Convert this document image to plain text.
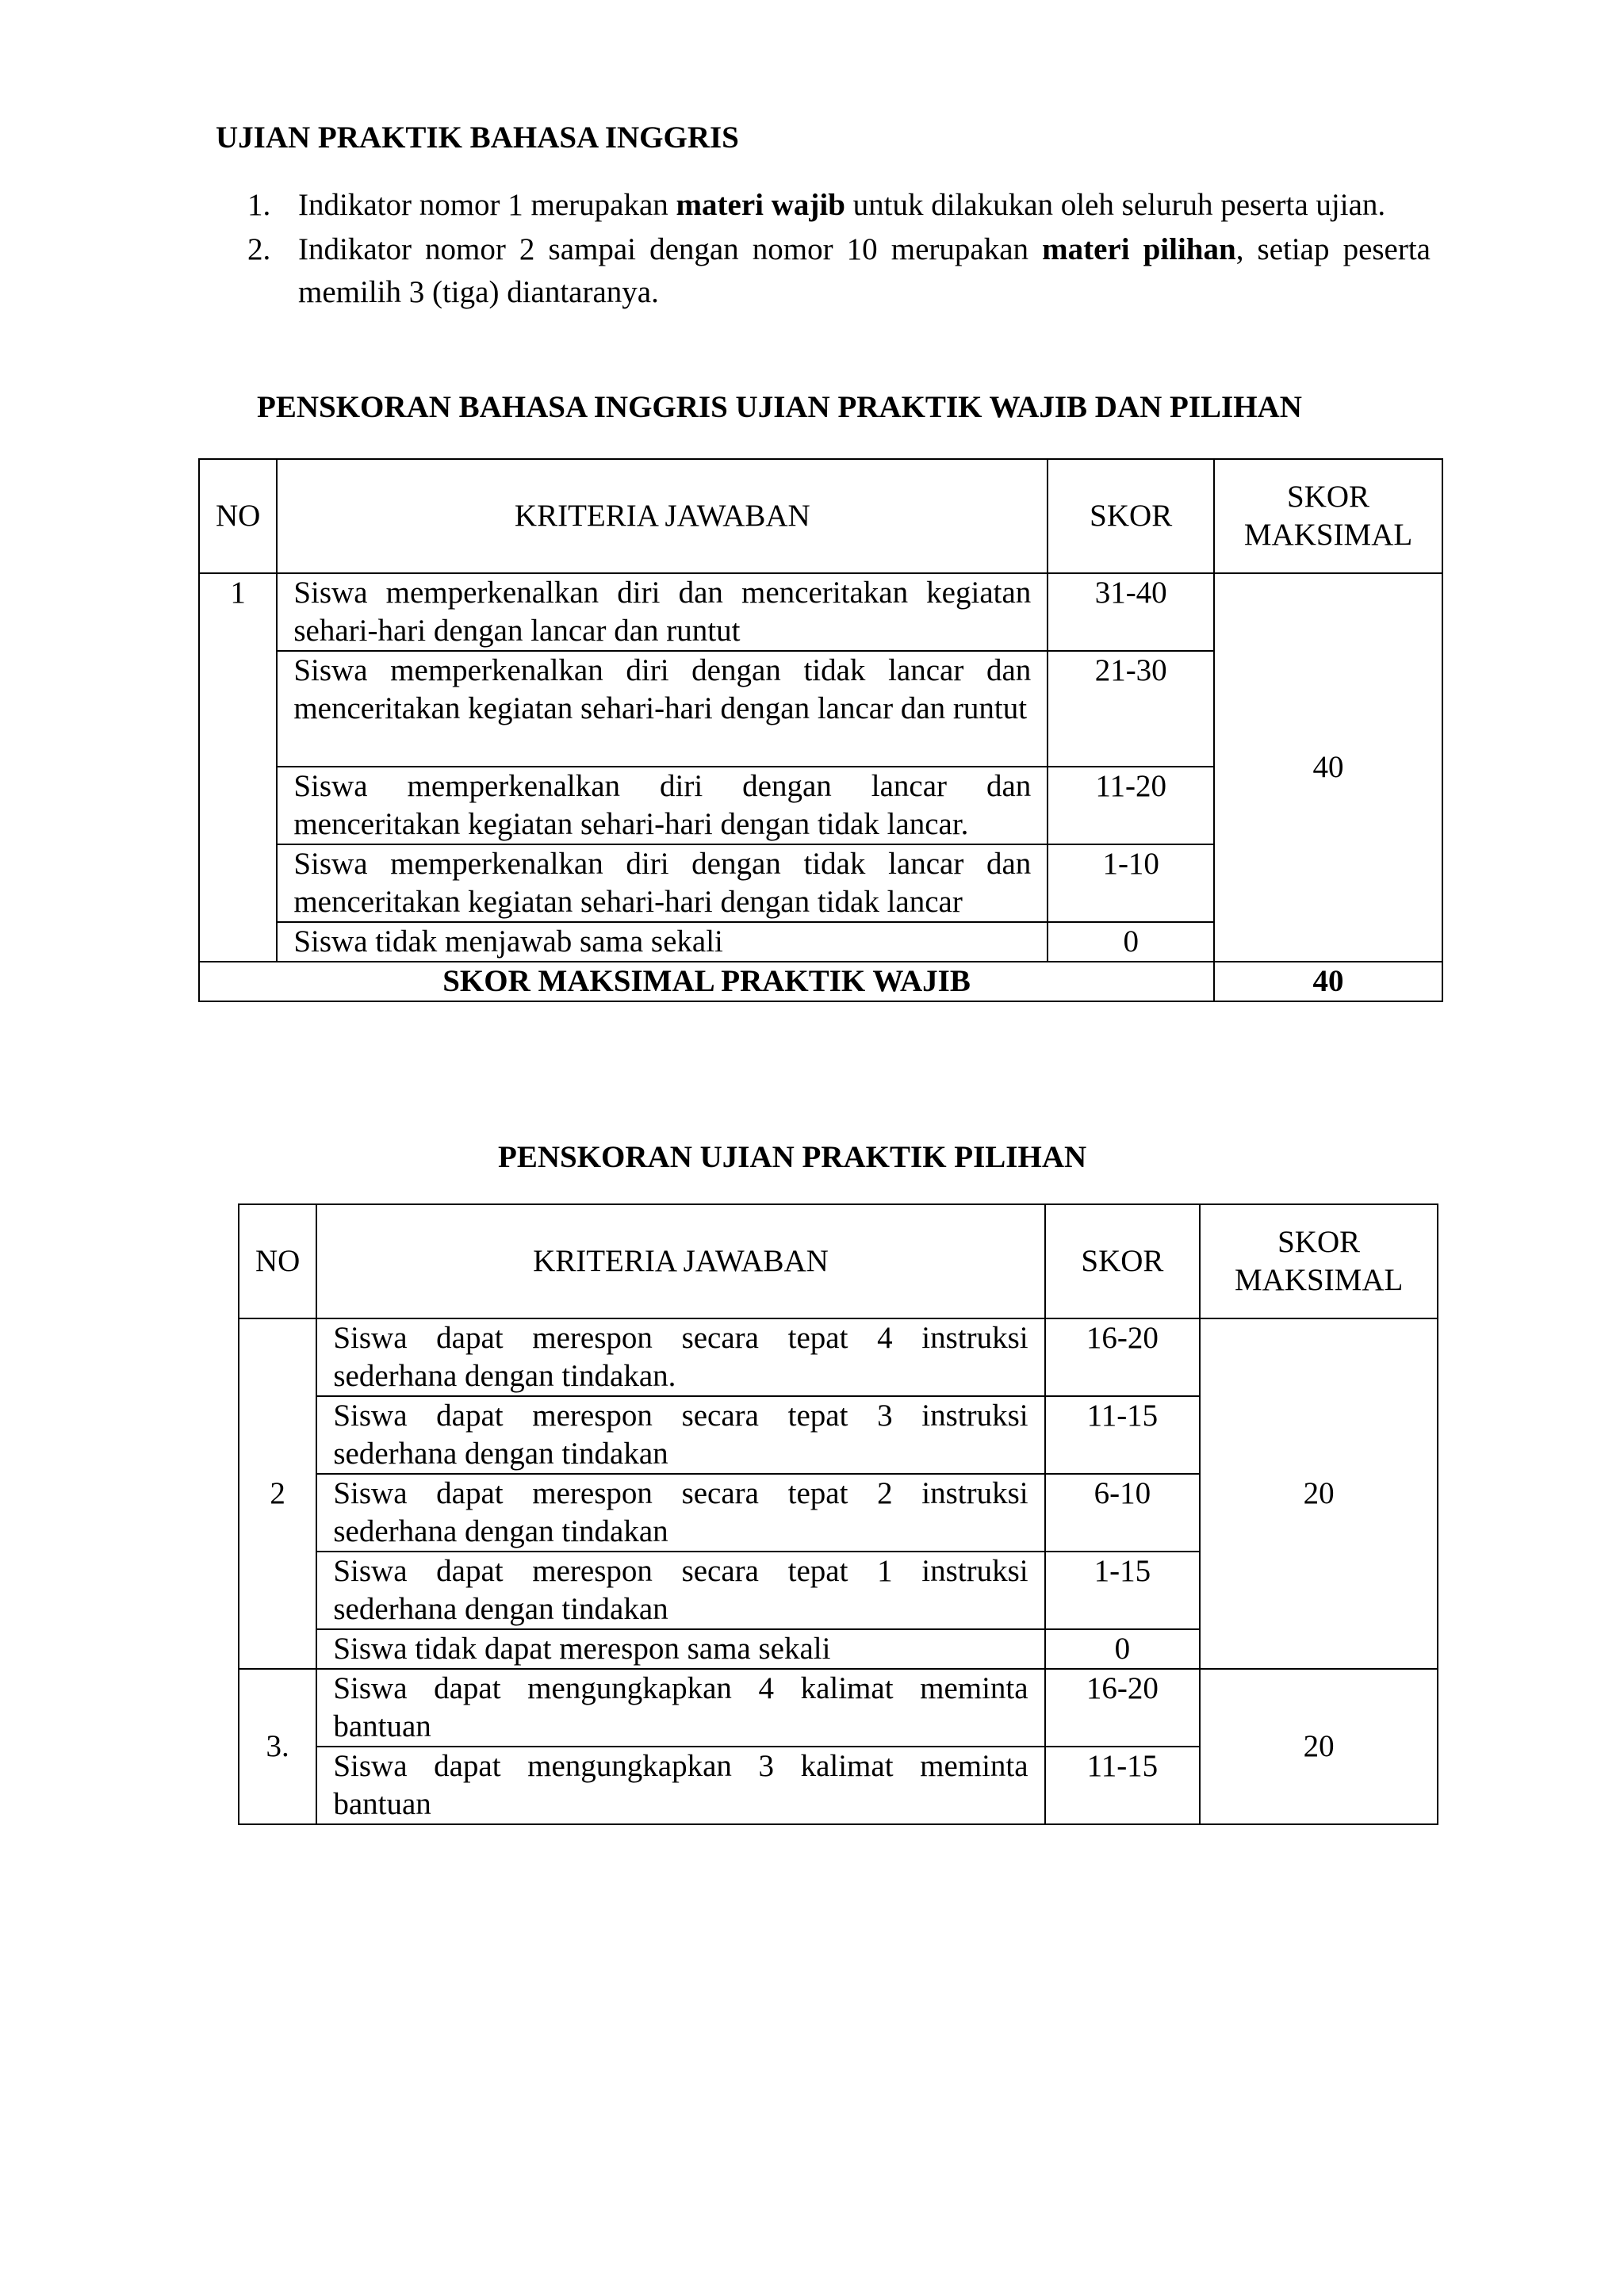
UJIAN PRAKTIK BAHASA INGGRIS
1. Indikator nomor 1 merupakan materi wajib untuk dilakukan oleh seluruh peserta ujian.
2. Indikator nomor 2 sampai dengan nomor 10 merupakan materi pilihan, setiap peserta memilih 3 (tiga) diantaranya.
PENSKORAN BAHASA INGGRIS UJIAN PRAKTIK WAJIB DAN PILIHAN
NO	KRITERIA JAWABAN	SKOR	SKOR
MAKSIMAL
1	Siswa memperkenalkan diri dan menceritakan kegiatan sehari-hari dengan lancar dan runtut	31-40	40
	Siswa memperkenalkan diri dengan tidak lancar dan menceritakan kegiatan sehari-hari dengan lancar dan runtut	21-30	
	Siswa memperkenalkan diri dengan lancar dan menceritakan kegiatan sehari-hari dengan tidak lancar.	11-20	
	Siswa memperkenalkan diri dengan tidak lancar dan menceritakan kegiatan sehari-hari dengan tidak lancar	1-10	
	Siswa tidak menjawab sama sekali	0	
SKOR MAKSIMAL PRAKTIK WAJIB			40
PENSKORAN UJIAN PRAKTIK PILIHAN
NO	KRITERIA JAWABAN	SKOR	SKOR
MAKSIMAL
2	Siswa dapat merespon secara tepat 4 instruksi sederhana dengan tindakan.	16-20	20
	Siswa dapat merespon secara tepat 3 instruksi sederhana dengan tindakan	11-15	
	Siswa dapat merespon secara tepat 2 instruksi sederhana dengan tindakan	6-10	
	Siswa dapat merespon secara tepat 1 instruksi sederhana dengan tindakan	1-15	
	Siswa tidak dapat merespon sama sekali	0	
3.	Siswa dapat mengungkapkan 4 kalimat meminta bantuan	16-20	20
	Siswa dapat mengungkapkan 3 kalimat meminta bantuan	11-15	
